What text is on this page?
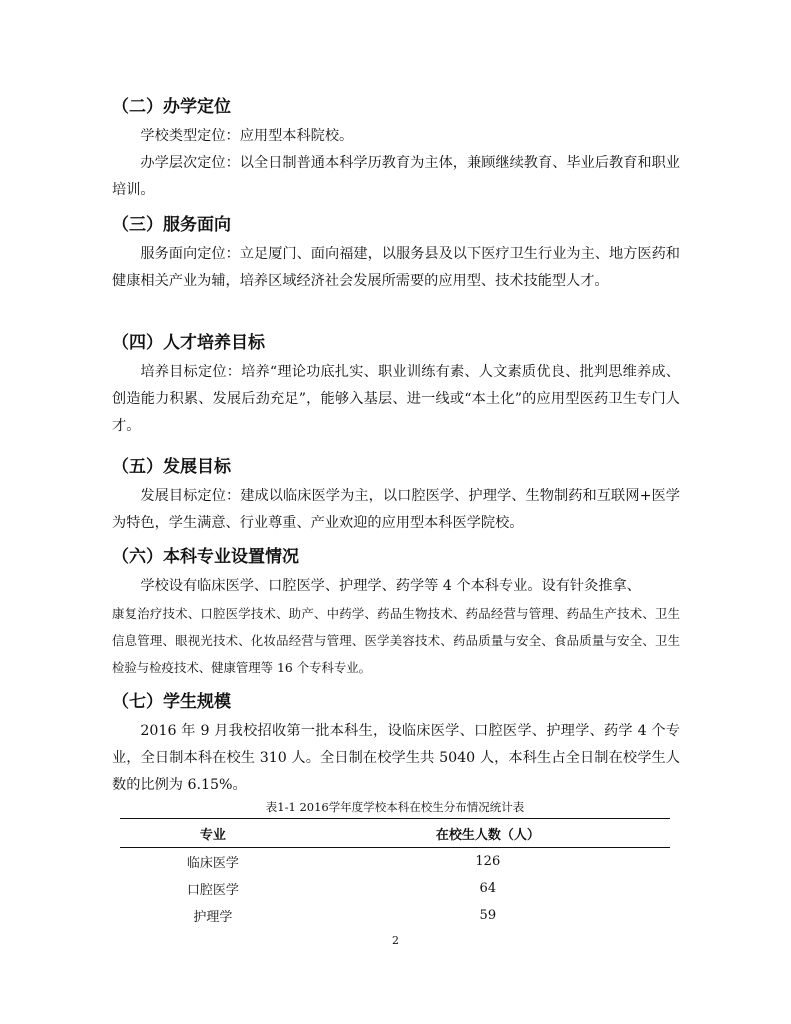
（二）办学定位

学校类型定位：应用型本科院校。

办学层次定位：以全日制普通本科学历教育为主体，兼顾继续教育、毕业后教育和职业培训。

（三）服务面向

服务面向定位：立足厦门、面向福建，以服务县及以下医疗卫生行业为主、地方医药和健康相关产业为辅，培养区域经济社会发展所需要的应用型、技术技能型人才。

（四）人才培养目标

培养目标定位：培养“理论功底扎实、职业训练有素、人文素质优良、批判思维养成、创造能力积累、发展后劲充足”，能够入基层、进一线或“本土化”的应用型医药卫生专门人才。

（五）发展目标

发展目标定位：建成以临床医学为主，以口腔医学、护理学、生物制药和互联网+医学为特色，学生满意、行业尊重、产业欢迎的应用型本科医学院校。

（六）本科专业设置情况

学校设有临床医学、口腔医学、护理学、药学等 4 个本科专业。设有针灸推拿、

康复治疗技术、口腔医学技术、助产、中药学、药品生物技术、药品经营与管理、药品生产技术、卫生信息管理、眼视光技术、化妆品经营与管理、医学美容技术、药品质量与安全、食品质量与安全、卫生检验与检疫技术、健康管理等 16 个专科专业。

（七）学生规模

2016 年 9 月我校招收第一批本科生，设临床医学、口腔医学、护理学、药学 4 个专业，全日制本科在校生 310 人。全日制在校学生共 5040 人，本科生占全日制在校学生人数的比例为 6.15%。

表1-1 2016学年度学校本科在校生分布情况统计表
专业	在校生人数（人）
临床医学	126
口腔医学	64
护理学	59
2
